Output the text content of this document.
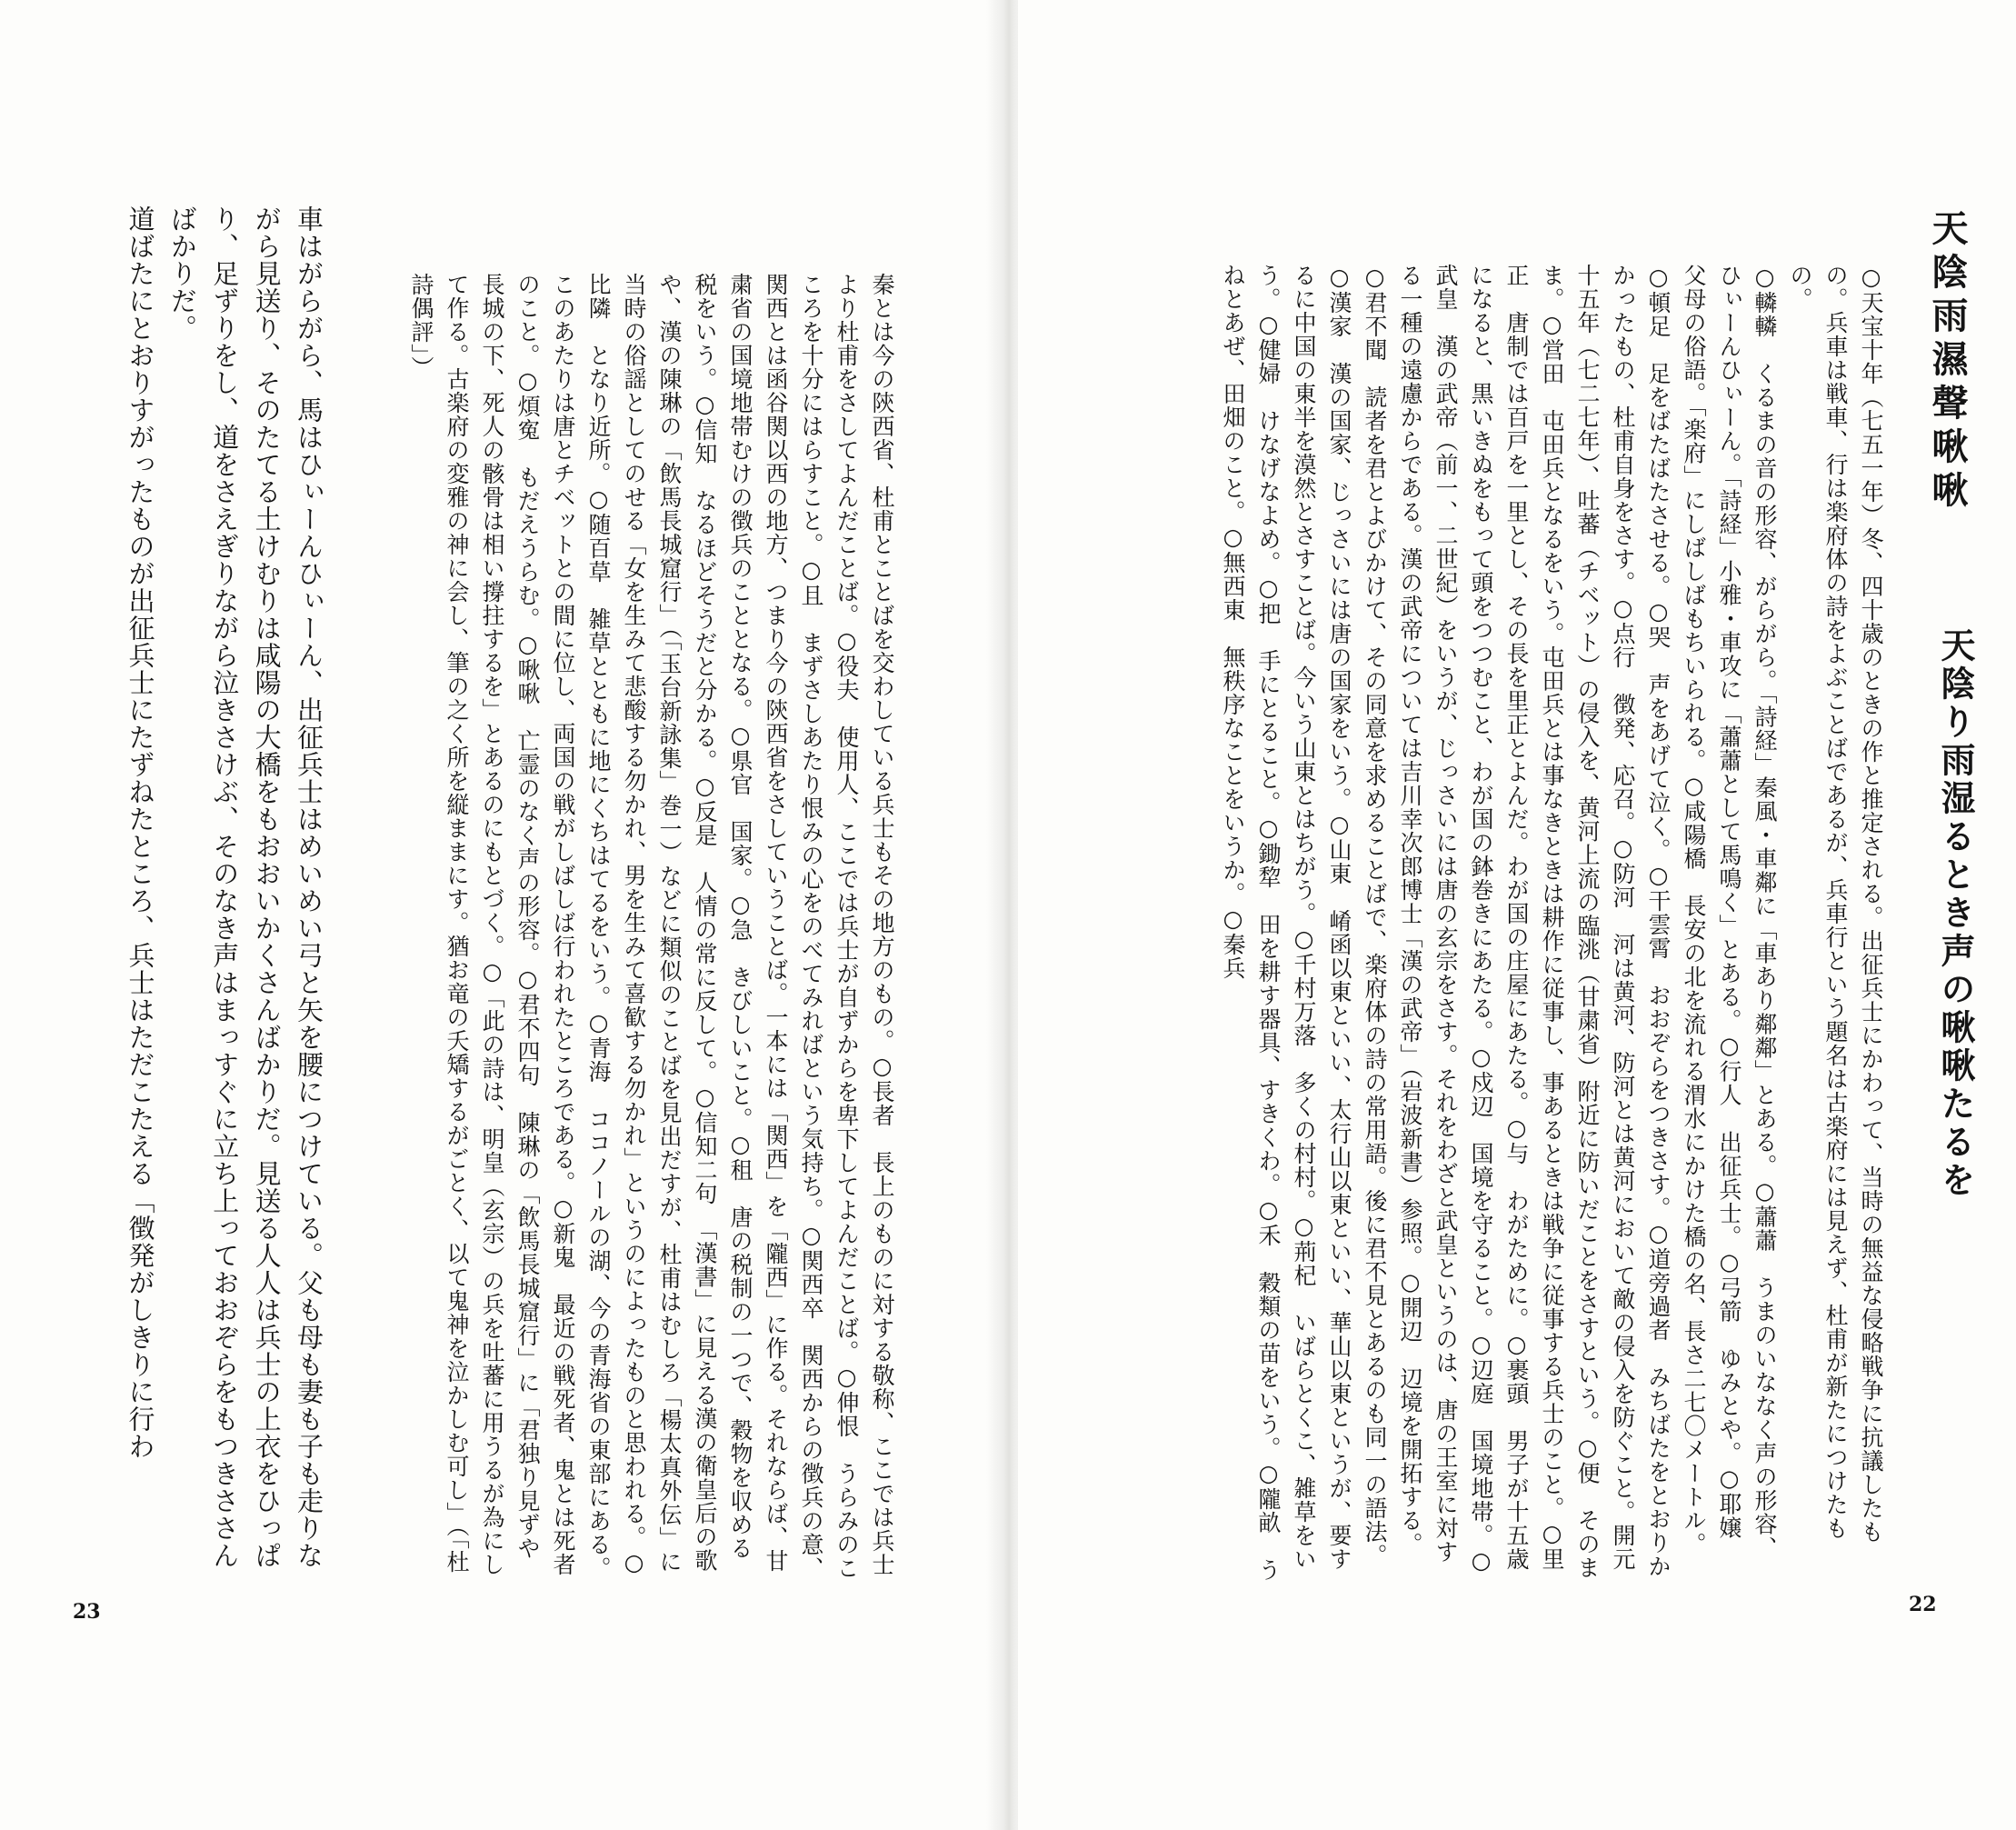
車はがらがら、馬はひぃーんひぃーん、出征兵士はめいめい弓と矢を腰につけている。父も母も妻も子も走りながら見送り、そのたてる土けむりは咸陽の大橋をもおおいかくさんばかりだ。見送る人人は兵士の上衣をひっぱり、足ずりをし、道をさえぎりながら泣きさけぶ、そのなき声はまっすぐに立ち上っておおぞらをもつきささんばかりだ。
道ばたにとおりすがったものが出征兵士にたずねたところ、兵士はただこたえる「徴発がしきりに行わ	秦とは今の陝西省、杜甫とことばを交わしている兵士もその地方のもの。○長者　長上のものに対する敬称、ここでは兵士より杜甫をさしてよんだことば。○役夫　使用人、ここでは兵士が自ずからを卑下してよんだことば。○伸恨　うらみのこころを十分にはらすこと。○且　まずさしあたり恨みの心をのべてみればという気持ち。○関西卒　関西からの徴兵の意、関西とは函谷関以西の地方、つまり今の陝西省をさしていうことば。一本には「関西」を「隴西」に作る。それならば、甘粛省の国境地帯むけの徴兵のこととなる。○県官　国家。○急　きびしいこと。○租　唐の税制の一つで、穀物を収める税をいう。○信知　なるほどそうだと分かる。○反是　人情の常に反して。○信知二句　「漢書」に見える漢の衛皇后の歌や、漢の陳琳の「飲馬長城窟行」（「玉台新詠集」巻一）などに類似のことばを見出だすが、杜甫はむしろ「楊太真外伝」に当時の俗謡としてのせる「女を生みて悲酸する勿かれ、男を生みて喜歓する勿かれ」というのによったものと思われる。○比隣　となり近所。○随百草　雑草とともに地にくちはてるをいう。○青海　ココノールの湖、今の青海省の東部にある。このあたりは唐とチベットとの間に位し、両国の戦がしばしば行われたところである。○新鬼　最近の戦死者、鬼とは死者のこと。○煩寃　もだえうらむ。○啾啾　亡霊のなく声の形容。○君不四句　陳琳の「飲馬長城窟行」に「君独り見ずや長城の下、死人の骸骨は相い撐拄するを」とあるのにもとづく。○「此の詩は、明皇（玄宗）の兵を吐蕃に用うるが為にして作る。古楽府の変雅の神に会し、筆の之く所を縦ままにす。猶お竜の夭矯するがごとく、以て鬼神を泣かしむ可し」（「杜詩偶評」）
23
天陰雨濕聲啾啾
天陰り雨湿るとき声の啾啾たるを
○天宝十年（七五一年）冬、四十歳のときの作と推定される。出征兵士にかわって、当時の無益な侵略戦争に抗議したもの。兵車は戦車、行は楽府体の詩をよぶことばであるが、兵車行という題名は古楽府には見えず、杜甫が新たにつけたもの。
○轔轔　くるまの音の形容、がらがら。「詩経」秦風・車鄰に「車あり鄰鄰」とある。○蕭蕭　うまのいななく声の形容、ひぃーんひぃーん。「詩経」小雅・車攻に「蕭蕭として馬鳴く」とある。○行人　出征兵士。○弓箭　ゆみとや。○耶嬢　父母の俗語。「楽府」にしばしばもちいられる。○咸陽橋　長安の北を流れる渭水にかけた橋の名、長さ二七〇メートル。○頓足　足をばたばたさせる。○哭　声をあげて泣く。○干雲霄　おおぞらをつきさす。○道旁過者　みちばたをとおりかかったもの、杜甫自身をさす。○点行　徴発、応召。○防河　河は黄河、防河とは黄河において敵の侵入を防ぐこと。開元十五年（七二七年）、吐蕃（チベット）の侵入を、黄河上流の臨洮（甘粛省）附近に防いだことをさすという。○便　そのまま。○営田　屯田兵となるをいう。屯田兵とは事なきときは耕作に従事し、事あるときは戦争に従事する兵士のこと。○里正　唐制では百戸を一里とし、その長を里正とよんだ。わが国の庄屋にあたる。○与　わがために。○裹頭　男子が十五歳になると、黒いきぬをもって頭をつつむこと、わが国の鉢巻きにあたる。○戍辺　国境を守ること。○辺庭　国境地帯。○武皇　漢の武帝（前一、二世紀）をいうが、じっさいには唐の玄宗をさす。それをわざと武皇というのは、唐の王室に対する一種の遠慮からである。漢の武帝については吉川幸次郎博士「漢の武帝」（岩波新書）参照。○開辺　辺境を開拓する。○君不聞　読者を君とよびかけて、その同意を求めることばで、楽府体の詩の常用語。後に君不見とあるのも同一の語法。○漢家　漢の国家、じっさいには唐の国家をいう。○山東　崤函以東といい、太行山以東といい、華山以東というが、要するに中国の東半を漠然とさすことば。今いう山東とはちがう。○千村万落　多くの村村。○荊杞　いばらとくこ、雑草をいう。○健婦　けなげなよめ。○把　手にとること。○鋤犂　田を耕す器具、すきくわ。○禾　穀類の苗をいう。○隴畝　うねとあぜ、田畑のこと。○無西東　無秩序なことをいうか。○秦兵
22
